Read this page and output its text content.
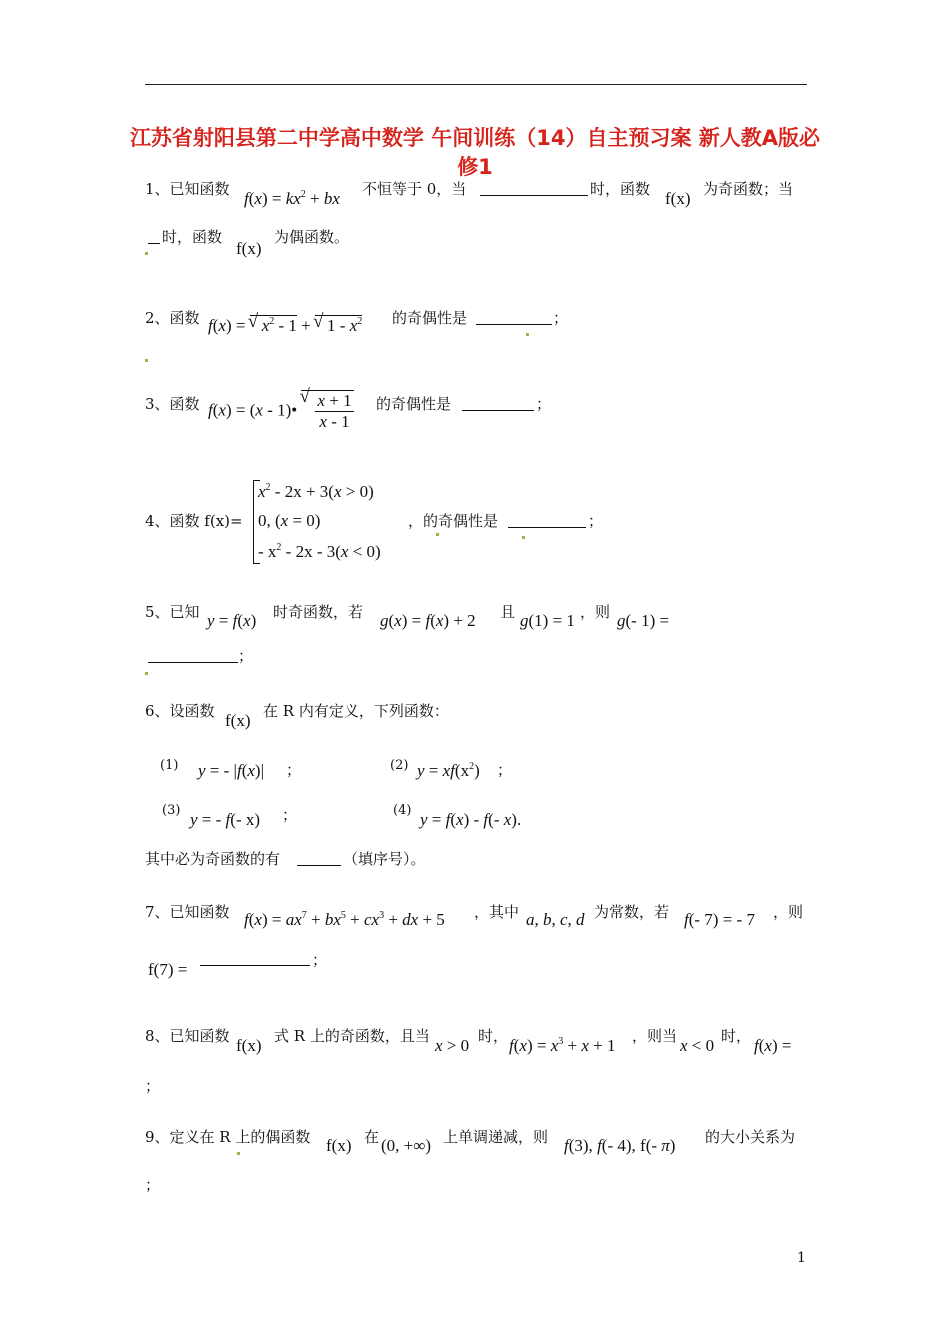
江苏省射阳县第二中学高中数学 午间训练（14）自主预习案 新人教A版必修1
1、已知函数 $f(x) = kx^2$ + bx 不恒等于 0，当	时，函数 f(x) 为奇函数；当
时，函数
f(x)
为偶函数。
2、函数 f(x) = √ $x^2 - 1$ + √ $1 - x^2$ 的奇偶性是	；
3、函数 f(x) = (x - 1)•
√ $\frac{x + 1}{x - 1}$ 的奇偶性是	；
4、函数 f(x)=
$x^2 - 2x + 3(x > 0)$
0, (x = 0)
- $x^2 - 2x - 3(x < 0)$
，的奇偶性是	；
5、已知 y = f(x) 时奇函数，若 g(x) = f(x) + 2 且 g(1) = 1 ，则 g(- 1) =
；
6、设函数 f(x) 在 R 内有定义，下列函数：
(1) y = - |f(x)| ；	(2) $y = xf(x^2)$ ；
(3) y = - f(- x) ；	(4) y = f(x) - f(- x).
其中必为奇函数的有	（填序号）。
7、已知函数 $f(x) = ax^7 + bx^5 + cx^3$ + dx + 5 ，其中 a, b, c, d 为常数，若 f(- 7) = - 7 ，则
f(7) =	；
8、已知函数 f(x) 式 R 上的奇函数，且当 x > 0 时， $f(x) = x^3 + x + 1$ ，则当 x < 0 时， f(x) =
；
9、定义在 R 上的偶函数 f(x) 在 (0, +∞) 上单调递减，则 f(3), f(- 4), f(- π) 的大小关系为
；
1
